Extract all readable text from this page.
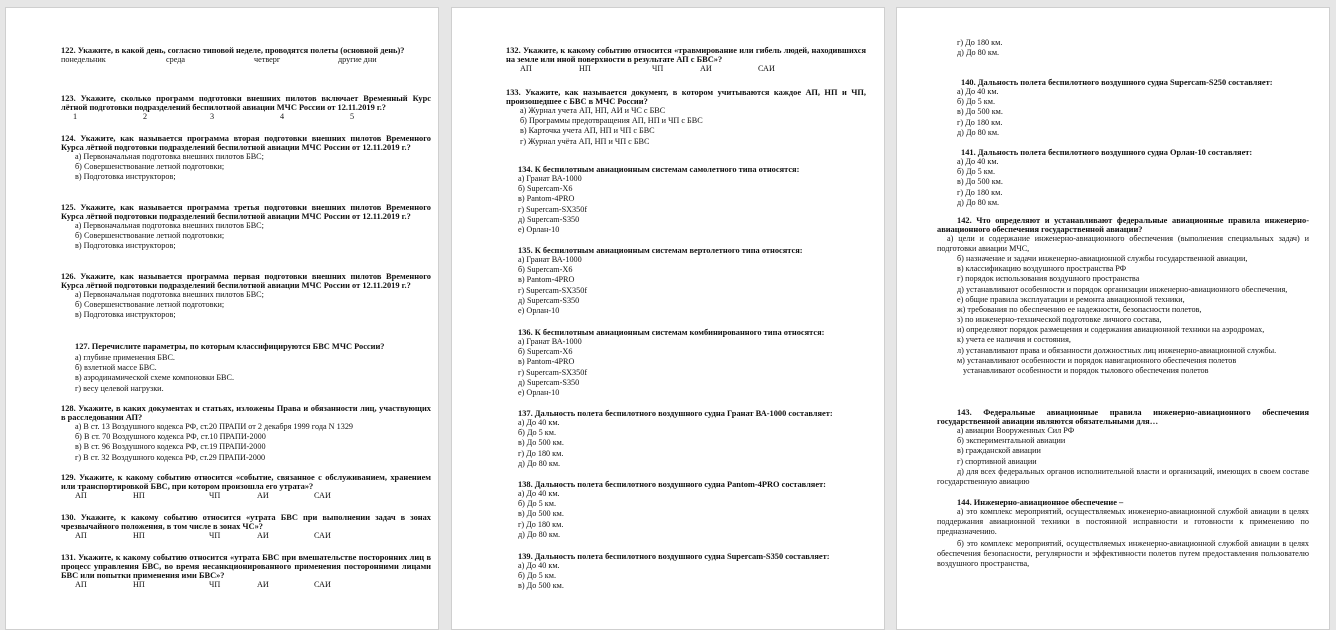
122. Укажите, в какой день, согласно типовой неделе, проводятся полеты (основной день)?

понедельник	среда	четверг	другие дни

123. Укажите, сколько программ подготовки внешних пилотов включает Временный Курс лётной подготовки подразделений беспилотной авиации МЧС России от 12.11.2019 г.?

1	2	3	4	5

124. Укажите, как называется программа вторая подготовки внешних пилотов Временного Курса лётной подготовки подразделений беспилотной авиации МЧС России от 12.11.2019 г.?

а) Первоначальная подготовка внешних пилотов БВС;

б) Совершенствование летной подготовки;

в) Подготовка инструкторов;

125. Укажите, как называется программа третья подготовки внешних пилотов Временного Курса лётной подготовки подразделений беспилотной авиации МЧС России от 12.11.2019 г.?

а) Первоначальная подготовка внешних пилотов БВС;

б) Совершенствование летной подготовки;

в) Подготовка инструкторов;

126. Укажите, как называется программа первая подготовки внешних пилотов Временного Курса лётной подготовки подразделений беспилотной авиации МЧС России от 12.11.2019 г.?

а) Первоначальная подготовка внешних пилотов БВС;

б) Совершенствование летной подготовки;

в) Подготовка инструкторов;

127. Перечислите параметры, по которым классифицируются БВС МЧС России?

а) глубине применения БВС.

б) взлетной массе БВС.

в) аэродинамической схеме компоновки БВС.

г) весу целевой нагрузки.

128. Укажите, в каких документах и статьях, изложены Права и обязанности лиц, участвующих в расследовании АП?

а) В ст. 13 Воздушного кодекса РФ, ст.20 ПРАПИ от 2 декабря 1999 года N 1329

б) В ст. 70 Воздушного кодекса РФ, ст.10 ПРАПИ-2000

в) В ст. 96 Воздушного кодекса РФ, ст.19 ПРАПИ-2000

г) В ст. 32 Воздушного кодекса РФ, ст.29 ПРАПИ-2000

129. Укажите, к какому событию относится «событие, связанное с обслуживанием, хранением или транспортировкой БВС, при котором произошла его утрата»?

АП	НП	ЧП	АИ	САИ

130. Укажите, к какому событию относится «утрата БВС при выполнении задач в зонах чрезвычайного положения, в том числе в зонах ЧС»?

АП	НП	ЧП	АИ	САИ

131. Укажите, к какому событию относится «утрата БВС при вмешательстве посторонних лиц в процесс управления БВС, во время несанкционированного применения посторонними лицами БВС или попытки применения ими БВС»?

АП	НП	ЧП	АИ	САИ

132. Укажите, к какому событию относится «травмирование или гибель людей, находившихся на земле или иной поверхности в результате АП с БВС»?

АП	НП	ЧП	АИ	САИ

133. Укажите, как называется документ, в котором учитываются каждое АП, НП и ЧП, произошедшее с БВС в МЧС России?

а) Журнал учета АП, НП, АИ и ЧС с БВС

б) Программы предотвращения АП, НП и ЧП с БВС

в) Карточка учета АП, НП и ЧП с БВС

г) Журнал учёта АП, НП и ЧП с БВС

134. К беспилотным авиационным системам самолетного типа относятся:

а) Гранат ВА-1000

б) Supercam-X6

в) Pantom-4PRO

г) Supercam-SX350f

д) Supercam-S350

е) Орлан-10

135. К беспилотным авиационным системам вертолетного типа относятся:

а) Гранат ВА-1000

б) Supercam-X6

в) Pantom-4PRO

г) Supercam-SX350f

д) Supercam-S350

е) Орлан-10

136. К беспилотным авиационным системам комбинированного типа относятся:

а) Гранат ВА-1000

б) Supercam-X6

в) Pantom-4PRO

г) Supercam-SX350f

д) Supercam-S350

е) Орлан-10

137. Дальность полета беспилотного воздушного судна Гранат ВА-1000 составляет:

а) До 40 км.

б) До 5 км.

в) До 500 км.

г) До 180 км.

д) До 80 км.

138. Дальность полета беспилотного воздушного судна Pantom-4PRO составляет:

а) До 40 км.

б) До 5 км.

в) До 500 км.

г) До 180 км.

д) До 80 км.

139. Дальность полета беспилотного воздушного судна Supercam-S350 составляет:

а) До 40 км.

б) До 5 км.

в) До 500 км.

г) До 180 км.

д) До 80 км.

140. Дальность полета беспилотного воздушного судна Supercam-S250 составляет:

а) До 40 км.

б) До 5 км.

в) До 500 км.

г) До 180 км.

д) До 80 км.

141. Дальность полета беспилотного воздушного судна Орлан-10 составляет:

а) До 40 км.

б) До 5 км.

в) До 500 км.

г) До 180 км.

д) До 80 км.

142. Что определяют и устанавливают федеральные авиационные правила инженерно-авиационного обеспечения государственной авиации?

а) цели и содержание инженерно-авиационного обеспечения (выполнения специальных задач) и подготовки авиации МЧС,

б) назначение и задачи инженерно-авиационной службы государственной авиации,

в) классификацию воздушного пространства РФ

г) порядок использования воздушного пространства

д) устанавливают особенности и порядок организации инженерно-авиационного обеспечения,

е) общие правила эксплуатации и ремонта авиационной техники,

ж) требования по обеспечению ее надежности, безопасности полетов,

з) по инженерно-технической подготовке личного состава,

и) определяют порядок размещения и содержания авиационной техники на аэродромах,

к) учета ее наличия и состояния,

л) устанавливают права и обязанности должностных лиц инженерно-авиационной службы.

м) устанавливают особенности и порядок навигационного обеспечения полетов

устанавливают особенности и порядок тылового обеспечения полетов

143. Федеральные авиационные правила инженерно-авиационного обеспечения государственной авиации являются обязательными для…

а) авиации Вооруженных Сил РФ

б) экспериментальной авиации

в) гражданской авиации

г) спортивной авиации

д) для всех федеральных органов исполнительной власти и организаций, имеющих в своем составе государственную авиацию

144. Инженерно-авиационное обеспечение –

а) это комплекс мероприятий, осуществляемых инженерно-авиационной службой авиации в целях поддержания авиационной техники в постоянной исправности и готовности к применению по предназначению.

б) это комплекс мероприятий, осуществляемых инженерно-авиационной службой авиации в целях обеспечения безопасности, регулярности и эффективности полетов путем предоставления пользователю воздушного пространства,
